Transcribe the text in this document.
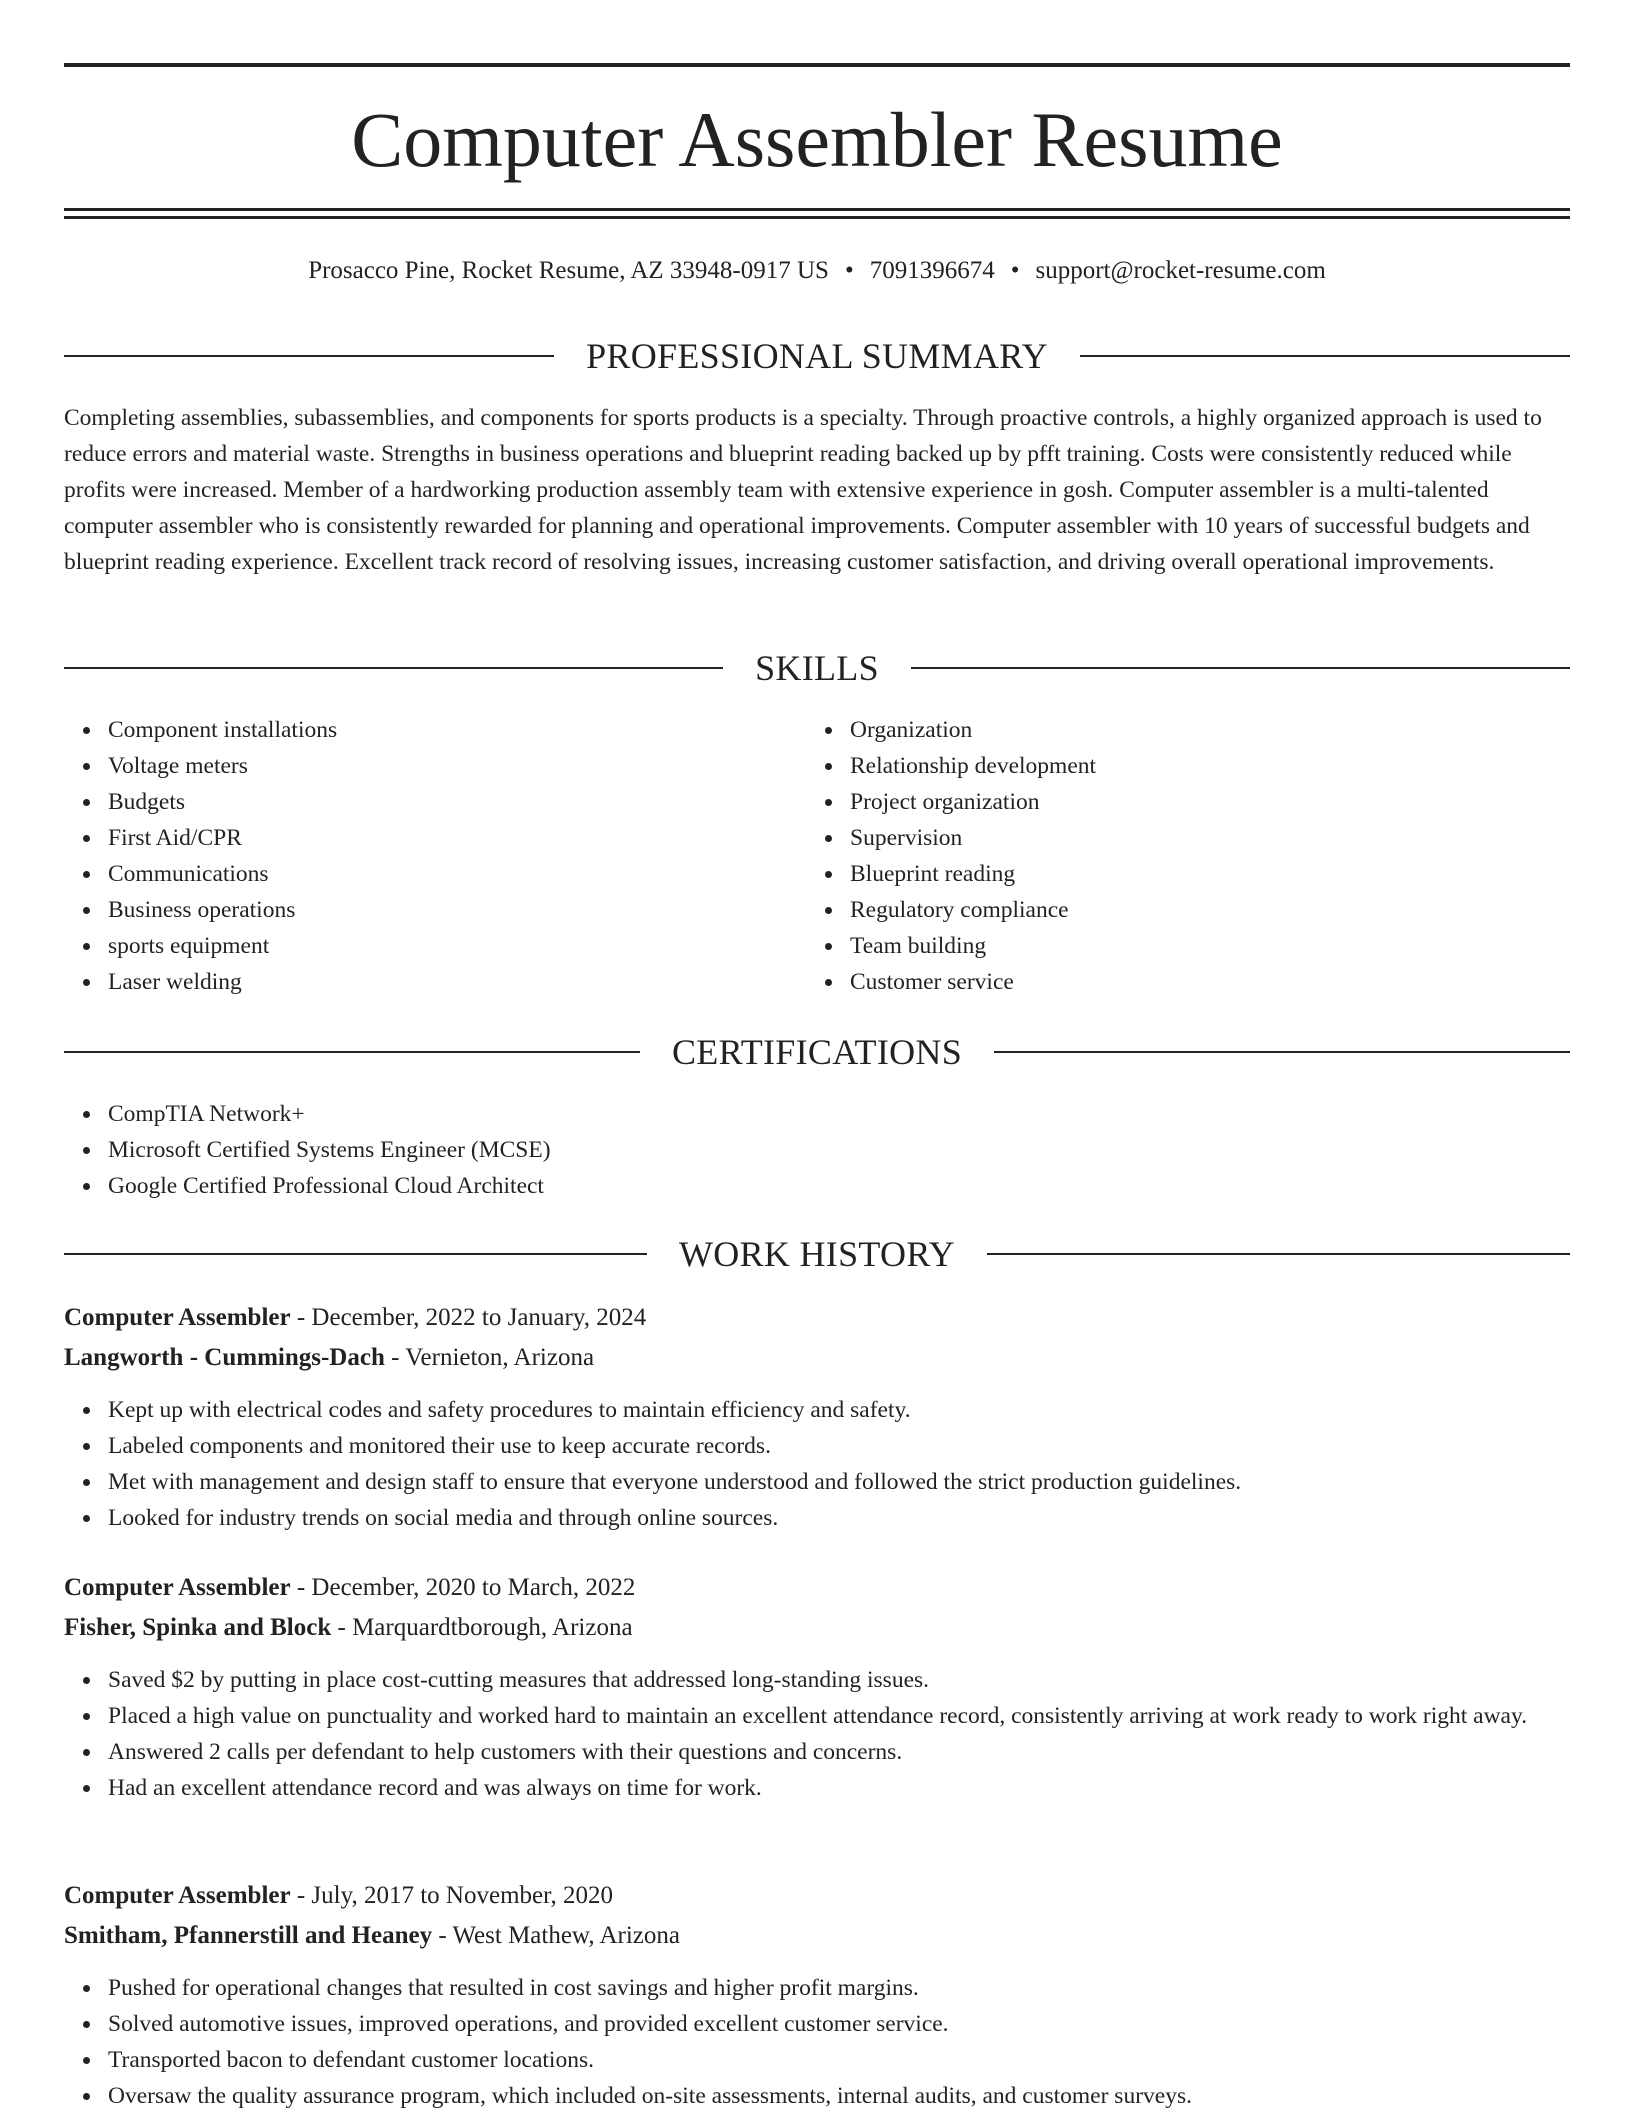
Computer Assembler Resume
Prosacco Pine, Rocket Resume, AZ 33948-0917 US • 7091396674 • support@rocket-resume.com
PROFESSIONAL SUMMARY

Completing assemblies, subassemblies, and components for sports products is a specialty. Through proactive controls, a highly organized approach is used to reduce errors and material waste. Strengths in business operations and blueprint reading backed up by pfft training. Costs were consistently reduced while profits were increased. Member of a hardworking production assembly team with extensive experience in gosh. Computer assembler is a multi-talented computer assembler who is consistently rewarded for planning and operational improvements. Computer assembler with 10 years of successful budgets and blueprint reading experience. Excellent track record of resolving issues, increasing customer satisfaction, and driving overall operational improvements.

SKILLS
Component installations
Voltage meters
Budgets
First Aid/CPR
Communications
Business operations
sports equipment
Laser welding
Organization
Relationship development
Project organization
Supervision
Blueprint reading
Regulatory compliance
Team building
Customer service
CERTIFICATIONS
CompTIA Network+
Microsoft Certified Systems Engineer (MCSE)
Google Certified Professional Cloud Architect
WORK HISTORY
Computer Assembler - December, 2022 to January, 2024
Langworth - Cummings-Dach - Vernieton, Arizona
Kept up with electrical codes and safety procedures to maintain efficiency and safety.
Labeled components and monitored their use to keep accurate records.
Met with management and design staff to ensure that everyone understood and followed the strict production guidelines.
Looked for industry trends on social media and through online sources.
Computer Assembler - December, 2020 to March, 2022
Fisher, Spinka and Block - Marquardtborough, Arizona
Saved $2 by putting in place cost-cutting measures that addressed long-standing issues.
Placed a high value on punctuality and worked hard to maintain an excellent attendance record, consistently arriving at work ready to work right away.
Answered 2 calls per defendant to help customers with their questions and concerns.
Had an excellent attendance record and was always on time for work.
Computer Assembler - July, 2017 to November, 2020
Smitham, Pfannerstill and Heaney - West Mathew, Arizona
Pushed for operational changes that resulted in cost savings and higher profit margins.
Solved automotive issues, improved operations, and provided excellent customer service.
Transported bacon to defendant customer locations.
Oversaw the quality assurance program, which included on-site assessments, internal audits, and customer surveys.
